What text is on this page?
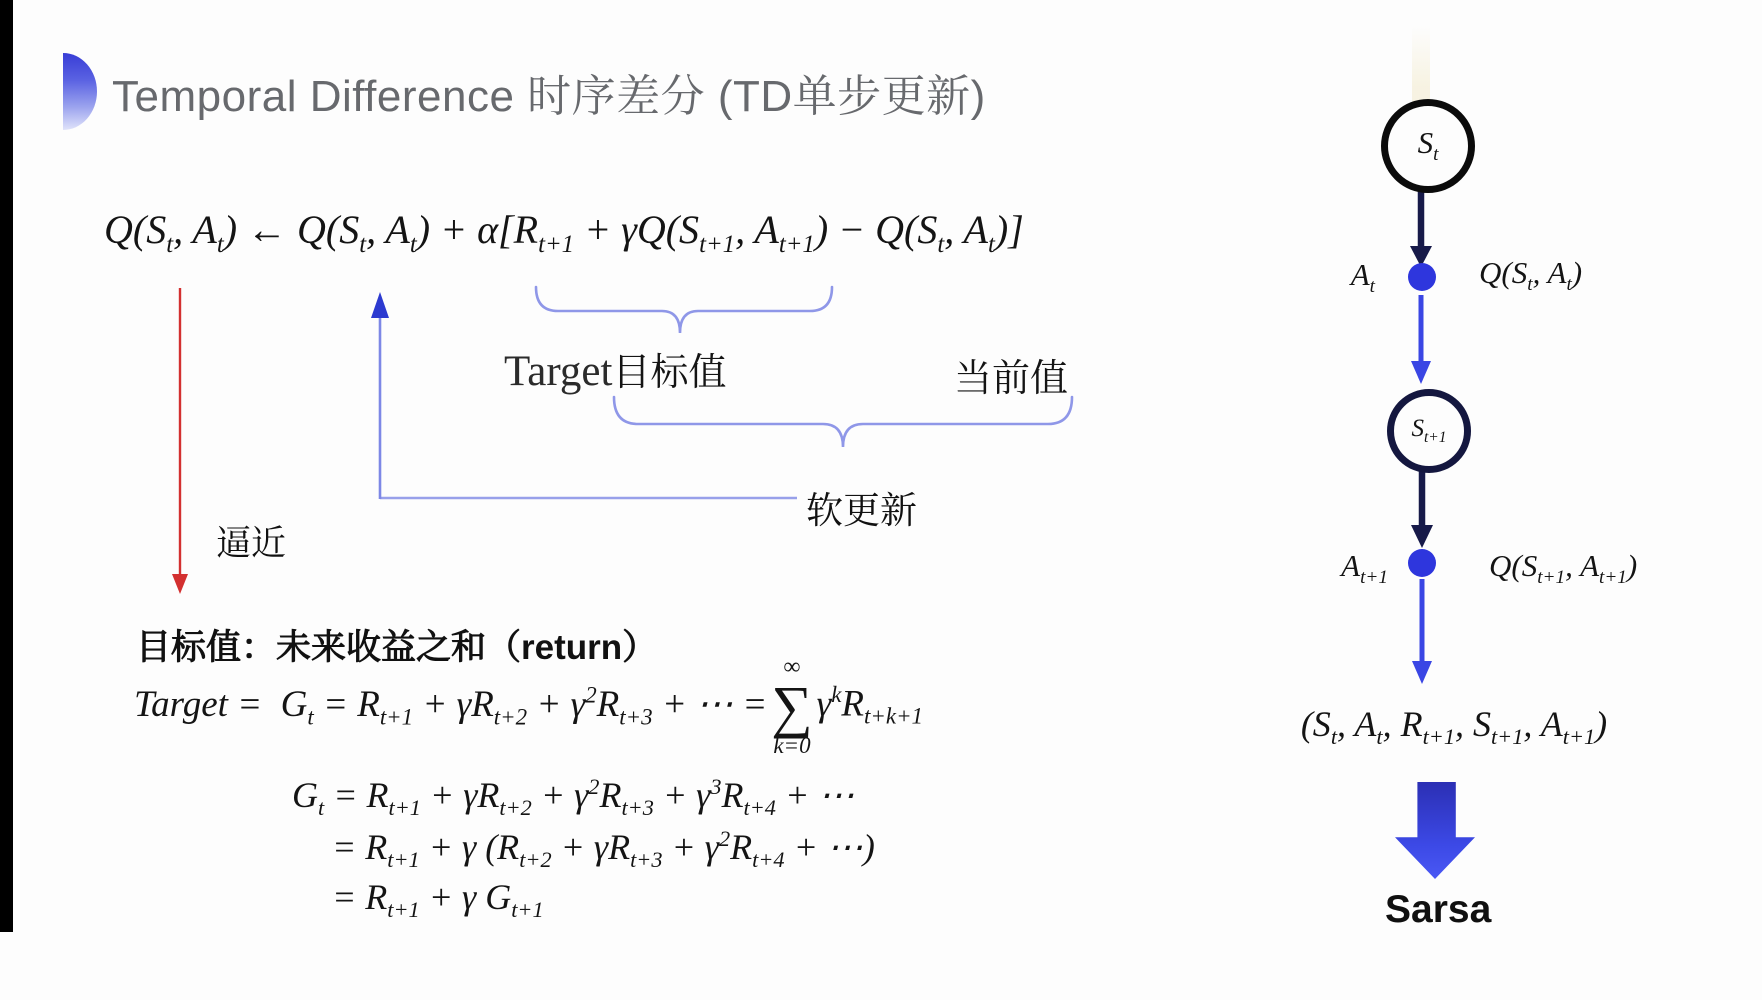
Temporal Difference 时序差分 (TD单步更新)
$Q(S_t$, $A_t$) ← $Q(S_t$, $A_t) + \alpha[R_{t+1} + \gamma Q(S_{t+1}$, $A_{t+1}) - Q(S_t$, $A_t$)]
Target 目标值	当前值
软更新
逼近
目标值：未来收益之和（return）
Target =  $G_t = R_{t+1} + \gamma R_{t+2} + \gamma^2R_{t+3}$ + ⋯ =
∞
∑
k=0
$\gamma^kR_{t+k+1}$
$G_t = R_{t+1} + \gamma R_{t+2} + \gamma^2R_{t+3} + \gamma^3R_{t+4}$ + ⋯
= $R_{t+1} + \gamma$ ($R_{t+2} + \gamma R_{t+3} + \gamma^2R_{t+4}$ + ⋯)
= $R_{t+1} + \gamma$ $G_{t+1}$
$S_t$
$A_t$	$Q(S_t$, $A_t$)
$S_{t+1}$
$A_{t+1}$	$Q(S_{t+1}$, $A_{t+1}$)
($S_t$, $A_t$, $R_{t+1}$, $S_{t+1}$, $A_{t+1}$)
Sarsa
